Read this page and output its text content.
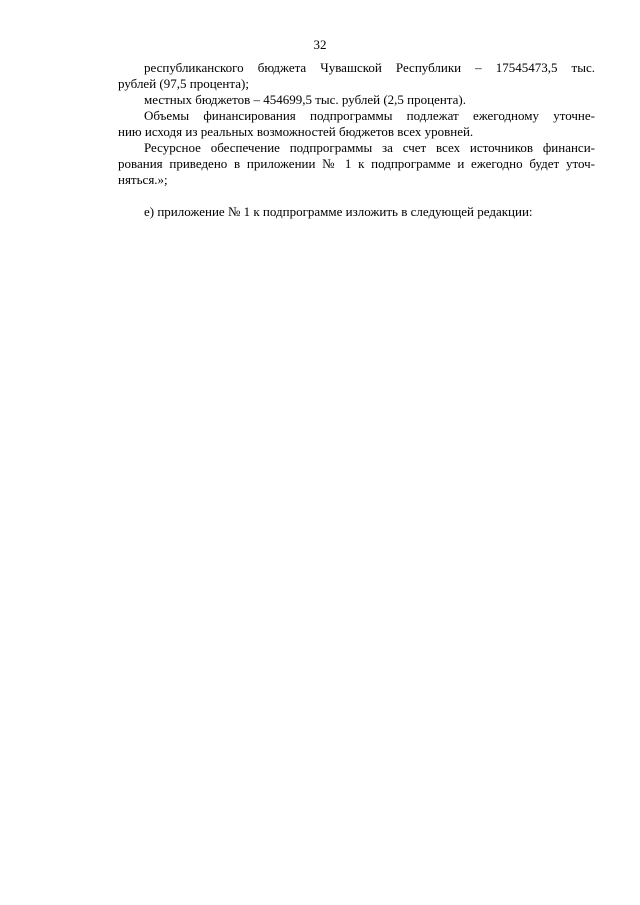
32
республиканского бюджета Чувашской Республики – 17545473,5 тыс.
рублей (97,5 процента);
местных бюджетов – 454699,5 тыс. рублей (2,5 процента).
Объемы финансирования подпрограммы подлежат ежегодному уточне-
нию исходя из реальных возможностей бюджетов всех уровней.
Ресурсное обеспечение подпрограммы за счет всех источников финанси-
рования приведено в приложении № 1 к подпрограмме и ежегодно будет уточ-
няться.»;
е) приложение № 1 к подпрограмме изложить в следующей редакции:
